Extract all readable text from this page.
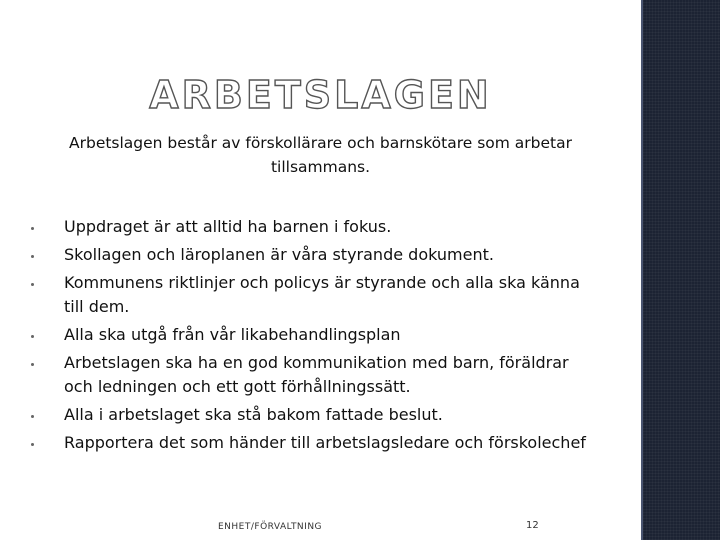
ARBETSLAGEN
Arbetslagen består av förskollärare och barnskötare som arbetar tillsammans.
Uppdraget är att alltid ha barnen i fokus.
Skollagen och läroplanen är våra styrande dokument.
Kommunens riktlinjer och policys är styrande och alla ska känna till dem.
Alla ska utgå från vår likabehandlingsplan
Arbetslagen ska ha en god kommunikation med barn, föräldrar och ledningen och ett gott förhållningssätt.
Alla i arbetslaget ska stå bakom fattade beslut.
Rapportera det som händer till arbetslagsledare och förskolechef
ENHET/FÖRVALTNING	12
